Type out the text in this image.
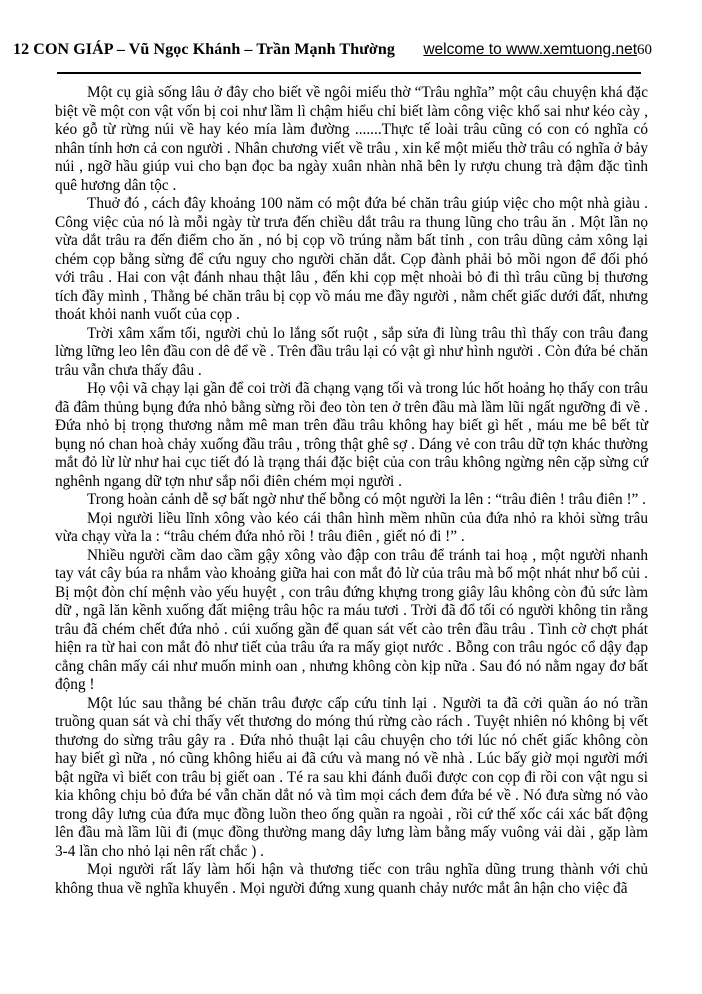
12 CON GIÁP – Vũ Ngọc Khánh – Trần Mạnh Thường welcome to www.xemtuong.net 60

Một cụ già sống lâu ở đây cho biết về ngôi miếu thờ “Trâu nghĩa” một câu chuyện khá đặc biệt về một con vật vốn bị coi như lầm lì chậm hiểu chỉ biết làm công việc khổ sai như kéo cày , kéo gỗ từ rừng núi về hay kéo mía làm đường .......Thực tế loài trâu cũng có con có nghĩa có nhân tính hơn cả con người . Nhân chương viết về trâu , xin kể một miếu thờ trâu có nghĩa ở bảy núi , ngỡ hầu giúp vui cho bạn đọc ba ngày xuân nhàn nhã bên ly rượu chung trà đậm đặc tình quê hương dân tộc .

Thuở đó , cách đây khoảng 100 năm có một đứa bé chăn trâu giúp việc cho một nhà giàu . Công việc của nó là mỗi ngày từ trưa đến chiều dắt trâu ra thung lũng cho trâu ăn . Một lần nọ vừa dắt trâu ra đến điểm cho ăn , nó bị cọp vồ trúng nằm bất tỉnh , con trâu dũng cảm xông lại chém cọp bằng sừng để cứu nguy cho người chăn dắt. Cọp đành phải bỏ mồi ngon để đối phó với trâu . Hai con vật đánh nhau thật lâu , đến khi cọp mệt nhoài bỏ đi thì trâu cũng bị thương tích đầy mình , Thằng bé chăn trâu bị cọp vồ máu me đầy người , nằm chết giấc dưới đất, nhưng thoát khỏi nanh vuốt của cọp .

Trời xâm xẩm tối, người chủ lo lắng sốt ruột , sắp sửa đi lùng trâu thì thấy con trâu đang lừng lững leo lên đầu con dê để về . Trên đầu trâu lại có vật gì như hình người . Còn đứa bé chăn trâu vẫn chưa thấy đâu .

Họ vội vã chạy lại gần để coi trời đã chạng vạng tối và trong lúc hốt hoảng họ thấy con trâu đã đâm thủng bụng đứa nhỏ bằng sừng rồi đeo tòn ten ở trên đầu mà lầm lũi ngất ngưỡng đi về . Đứa nhỏ bị trọng thương nằm mê man trên đầu trâu không hay biết gì hết , máu me bê bết từ bụng nó chan hoà chảy xuống đầu trâu , trông thật ghê sợ . Dáng vẻ con trâu dữ tợn khác thường mắt đỏ lừ lừ như hai cục tiết đó là trạng thái đặc biệt của con trâu không ngừng nên cặp sừng cứ nghênh ngang dữ tợn như sắp nổi điên chém mọi người .

Trong hoàn cảnh dễ sợ bất ngờ như thế bỗng có một người la lên : “trâu điên ! trâu điên !” .

Mọi người liều lĩnh xông vào kéo cái thân hình mềm nhũn của đứa nhỏ ra khỏi sừng trâu vừa chạy vừa la : “trâu chém đứa nhỏ rồi ! trâu điên , giết nó đi !” .

Nhiều người cầm dao cầm gậy xông vào đập con trâu để tránh tai hoạ , một người nhanh tay vát cây búa ra nhắm vào khoảng giữa hai con mắt đỏ lừ của trâu mà bổ một nhát như bổ củi . Bị một đòn chí mệnh vào yếu huyệt , con trâu đứng khựng trong giây lâu không còn đủ sức làm dữ , ngã lăn kềnh xuống đất miệng trâu hộc ra máu tươi . Trời đã đổ tối có người không tin rằng trâu đã chém chết đứa nhỏ . cúi xuống gần để quan sát vết cào trên đầu trâu . Tình cờ chợt phát hiện ra từ hai con mắt đỏ như tiết của trâu ứa ra mấy giọt nước . Bỗng con trâu ngóc cổ dậy đạp cẳng chân mấy cái như muốn minh oan , nhưng không còn kịp nữa . Sau đó nó nằm ngay đơ bất động !

Một lúc sau thằng bé chăn trâu được cấp cứu tỉnh lại . Người ta đã cởi quần áo nó trần truồng quan sát và chỉ thấy vết thương do móng thú rừng cào rách . Tuyệt nhiên nó không bị vết thương do sừng trâu gây ra . Đứa nhỏ thuật lại câu chuyện cho tới lúc nó chết giấc không còn hay biết gì nữa , nó cũng không hiểu ai đã cứu và mang nó về nhà . Lúc bấy giờ mọi người mới bật ngữa vì biết con trâu bị giết oan . Té ra sau khi đánh đuổi được con cọp đi rồi con vật ngu si kia không chịu bỏ đứa bé vẫn chăn dắt nó và tìm mọi cách đem đứa bé về . Nó đưa sừng nó vào trong dây lưng của đứa mục đồng luồn theo ống quần ra ngoài , rồi cứ thế xốc cái xác bất động lên đầu mà lầm lũi đi (mục đồng thường mang dây lưng làm bằng mấy vuông vải dài , gặp làm 3-4 lần cho nhỏ lại nên rất chắc ) .

Mọi người rất lấy làm hối hận và thương tiếc con trâu nghĩa dũng trung thành với chủ không thua về nghĩa khuyển . Mọi người đứng xung quanh chảy nước mắt ân hận cho việc đã
